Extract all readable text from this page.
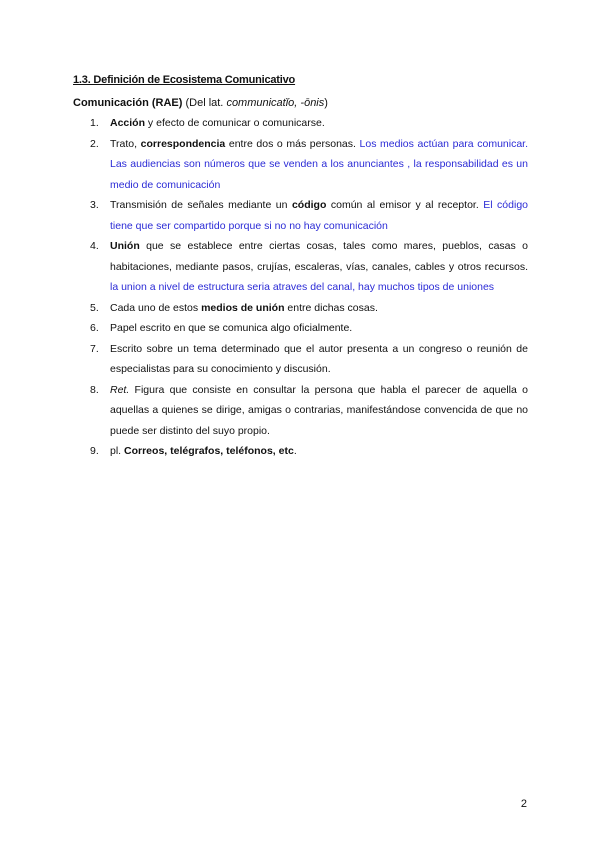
1.3. Definición de Ecosistema Comunicativo
Comunicación (RAE) (Del lat. communicatĭo, -ōnis)
1. Acción y efecto de comunicar o comunicarse.
2. Trato, correspondencia entre dos o más personas. Los medios actúan para comunicar. Las audiencias son números que se venden a los anunciantes , la responsabilidad es un medio de comunicación
3. Transmisión de señales mediante un código común al emisor y al receptor. El código tiene que ser compartido porque si no no hay comunicación
4. Unión que se establece entre ciertas cosas, tales como mares, pueblos, casas o habitaciones, mediante pasos, crujías, escaleras, vías, canales, cables y otros recursos. la union a nivel de estructura seria atraves del canal, hay muchos tipos de uniones
5. Cada uno de estos medios de unión entre dichas cosas.
6. Papel escrito en que se comunica algo oficialmente.
7. Escrito sobre un tema determinado que el autor presenta a un congreso o reunión de especialistas para su conocimiento y discusión.
8. Ret. Figura que consiste en consultar la persona que habla el parecer de aquella o aquellas a quienes se dirige, amigas o contrarias, manifestándose convencida de que no puede ser distinto del suyo propio.
9. pl. Correos, telégrafos, teléfonos, etc.
2
